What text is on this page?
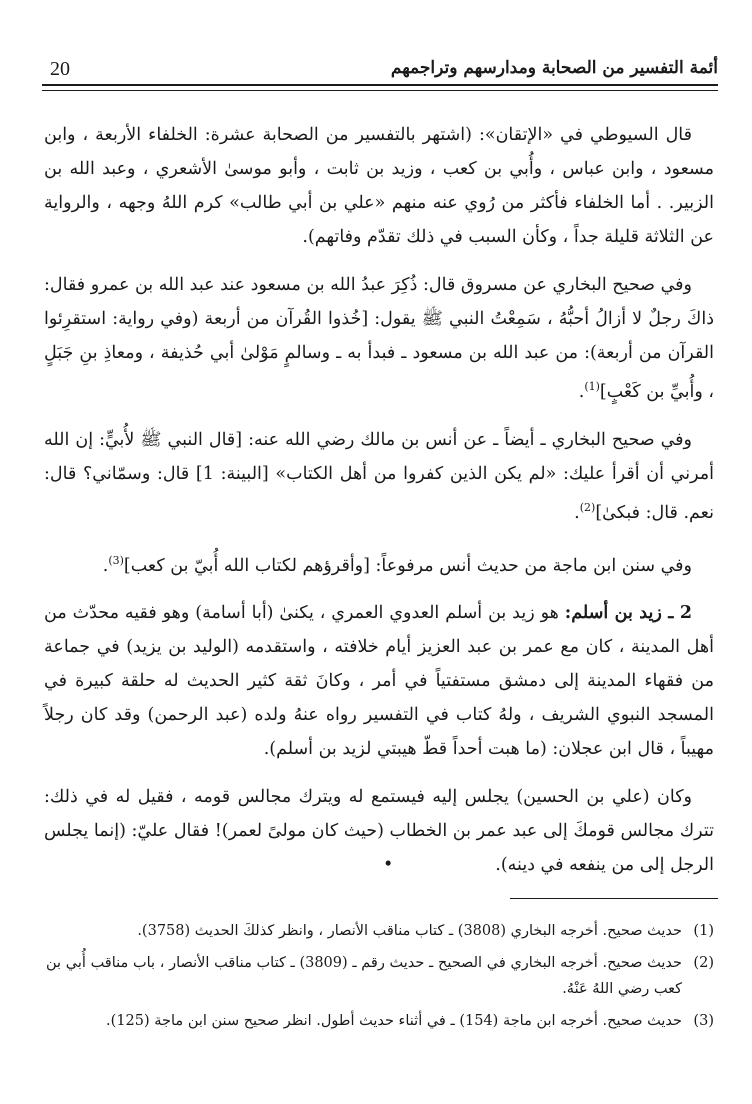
20	أئمة التفسير من الصحابة ومدارسهم وتراجمهم

قال السيوطي في «الإتقان»: (اشتهر بالتفسير من الصحابة عشرة: الخلفاء الأربعة ، وابن مسعود ، وابن عباس ، وأُبي بن كعب ، وزيد بن ثابت ، وأبو موسىٰ الأشعري ، وعبد الله بن الزبير. . أما الخلفاء فأكثر من رُوي عنه منهم «علي بن أبي طالب» كرم اللهُ وجهه ، والرواية عن الثلاثة قليلة جداً ، وكأن السبب في ذلك تقدّم وفاتهم).

وفي صحيح البخاري عن مسروق قال: ذُكِرَ عبدُ الله بن مسعود عند عبد الله بن عمرو فقال: ذاكَ رجلٌ لا أزالُ أحبُّهُ ، سَمِعْتُ النبي ﷺ يقول: [خُذوا القُرآن من أربعة (وفي رواية: استقرِئوا القرآن من أربعة): من عبد الله بن مسعود ـ فبدأ به ـ وسالمٍ مَوْلىٰ أبي حُذيفة ، ومعاذِ بنِ جَبَلٍ ، وأُبيِّ بن كَعْبٍ]$^{(1)}$.

وفي صحيح البخاري ـ أيضاً ـ عن أنس بن مالك رضي الله عنه: [قال النبي ﷺ لأُبيٍّ: إن الله أمرني أن أقرأ عليك: «لم يكن الذين كفروا من أهل الكتاب» [البينة: 1] قال: وسمّاني؟ قال: نعم. قال: فبكىٰ]$^{(2)}$.

وفي سنن ابن ماجة من حديث أنس مرفوعاً: [وأقرؤهم لكتاب الله أُبيّ بن كعب]$^{(3)}$.

2 ـ زيد بن أسلم: هو زيد بن أسلم العدوي العمري ، يكنىٰ (أبا أسامة) وهو فقيه محدّث من أهل المدينة ، كان مع عمر بن عبد العزيز أيام خلافته ، واستقدمه (الوليد بن يزيد) في جماعة من فقهاء المدينة إلى دمشق مستفتياً في أمر ، وكانَ ثقة كثير الحديث له حلقة كبيرة في المسجد النبوي الشريف ، ولهُ كتاب في التفسير رواه عنهُ ولده (عبد الرحمن) وقد كان رجلاً مهيباً ، قال ابن عجلان: (ما هبت أحداً قطّ هيبتي لزيد بن أسلم).

وكان (علي بن الحسين) يجلس إليه فيستمع له ويترك مجالس قومه ، فقيل له في ذلك: تترك مجالس قومكَ إلى عبد عمر بن الخطاب (حيث كان مولىً لعمر)! فقال عليّ: (إنما يجلس الرجل إلى من ينفعه في دينه).•

(1)
حديث صحيح. أخرجه البخاري (3808) ـ كتاب مناقب الأنصار ، وانظر كذلكَ الحديث (3758).
(2)
حديث صحيح. أخرجه البخاري في الصحيح ـ حديث رقم ـ (3809) ـ كتاب مناقب الأنصار ، باب مناقب أُبي بن كعب رضي اللهُ عَنْهُ.
(3)
حديث صحيح. أخرجه ابن ماجة (154) ـ في أثناء حديث أطول. انظر صحيح سنن ابن ماجة (125).
